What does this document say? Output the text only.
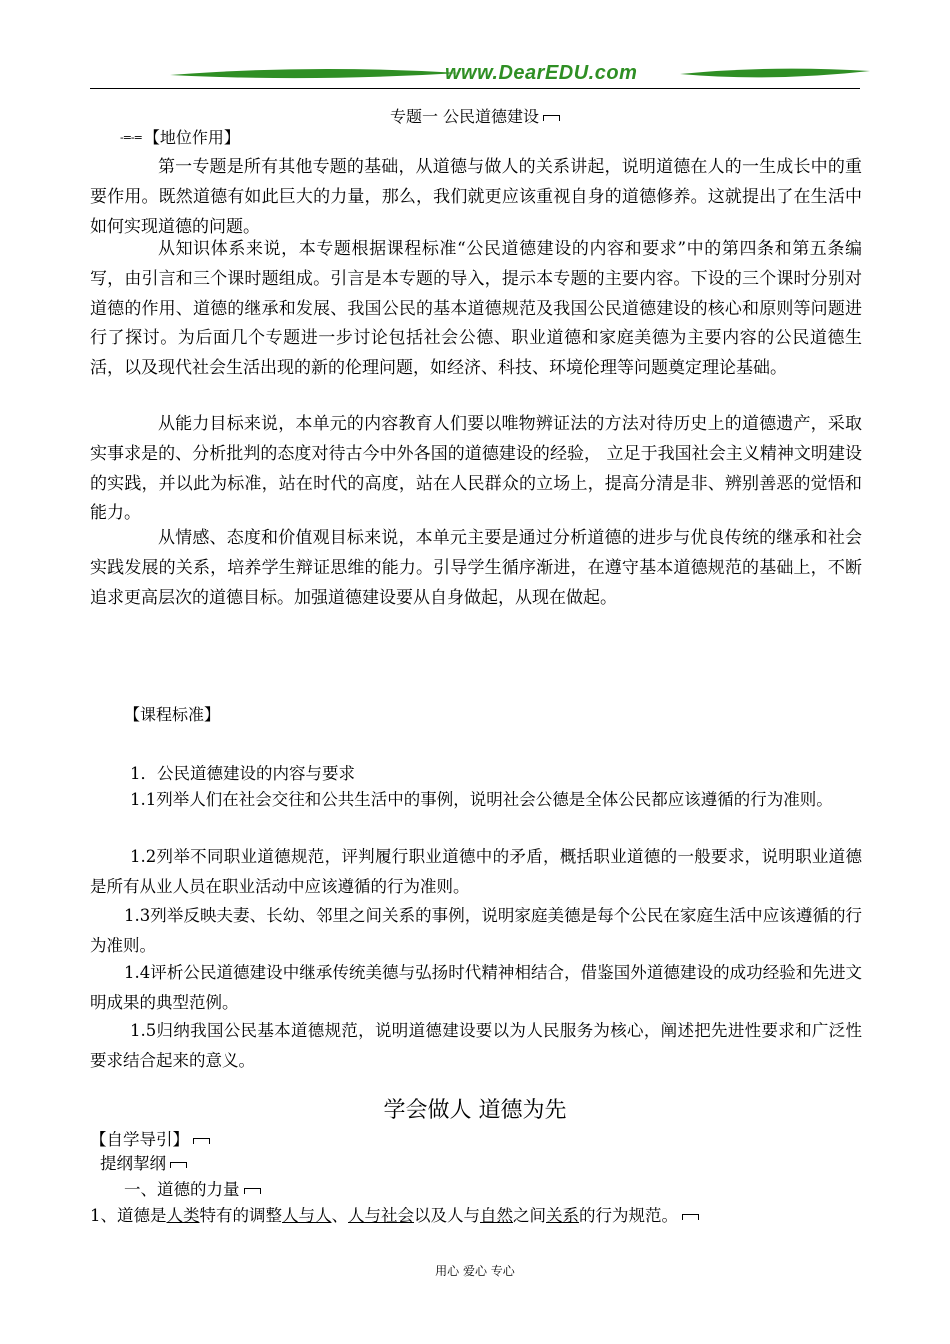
www.DearEDU.com
专题一 公民道德建设
-=-= 【地位作用】

第一专题是所有其他专题的基础，从道德与做人的关系讲起，说明道德在人的一生成长中的重要作用。既然道德有如此巨大的力量，那么，我们就更应该重视自身的道德修养。这就提出了在生活中如何实现道德的问题。

从知识体系来说，本专题根据课程标准“公民道德建设的内容和要求”中的第四条和第五条编写，由引言和三个课时题组成。引言是本专题的导入，提示本专题的主要内容。下设的三个课时分别对道德的作用、道德的继承和发展、我国公民的基本道德规范及我国公民道德建设的核心和原则等问题进行了探讨。为后面几个专题进一步讨论包括社会公德、职业道德和家庭美德为主要内容的公民道德生活，以及现代社会生活出现的新的伦理问题，如经济、科技、环境伦理等问题奠定理论基础。

从能力目标来说，本单元的内容教育人们要以唯物辨证法的方法对待历史上的道德遗产，采取实事求是的、分析批判的态度对待古今中外各国的道德建设的经验， 立足于我国社会主义精神文明建设的实践，并以此为标准，站在时代的高度，站在人民群众的立场上，提高分清是非、辨别善恶的觉悟和能力。

从情感、态度和价值观目标来说，本单元主要是通过分析道德的进步与优良传统的继承和社会实践发展的关系，培养学生辩证思维的能力。引导学生循序渐进，在遵守基本道德规范的基础上，不断追求更高层次的道德目标。加强道德建设要从自身做起，从现在做起。

【课程标准】
1．公民道德建设的内容与要求

1.1列举人们在社会交往和公共生活中的事例，说明社会公德是全体公民都应该遵循的行为准则。

1.2列举不同职业道德规范，评判履行职业道德中的矛盾，概括职业道德的一般要求，说明职业道德是所有从业人员在职业活动中应该遵循的行为准则。

1.3列举反映夫妻、长幼、邻里之间关系的事例，说明家庭美德是每个公民在家庭生活中应该遵循的行为准则。

1.4评析公民道德建设中继承传统美德与弘扬时代精神相结合，借鉴国外道德建设的成功经验和先进文明成果的典型范例。

1.5归纳我国公民基本道德规范，说明道德建设要以为人民服务为核心，阐述把先进性要求和广泛性要求结合起来的意义。

学会做人 道德为先
【自学导引】
提纲挈纲
一、道德的力量
1、道德是人类特有的调整人与人、人与社会以及人与自然之间关系的行为规范。
用心 爱心 专心
